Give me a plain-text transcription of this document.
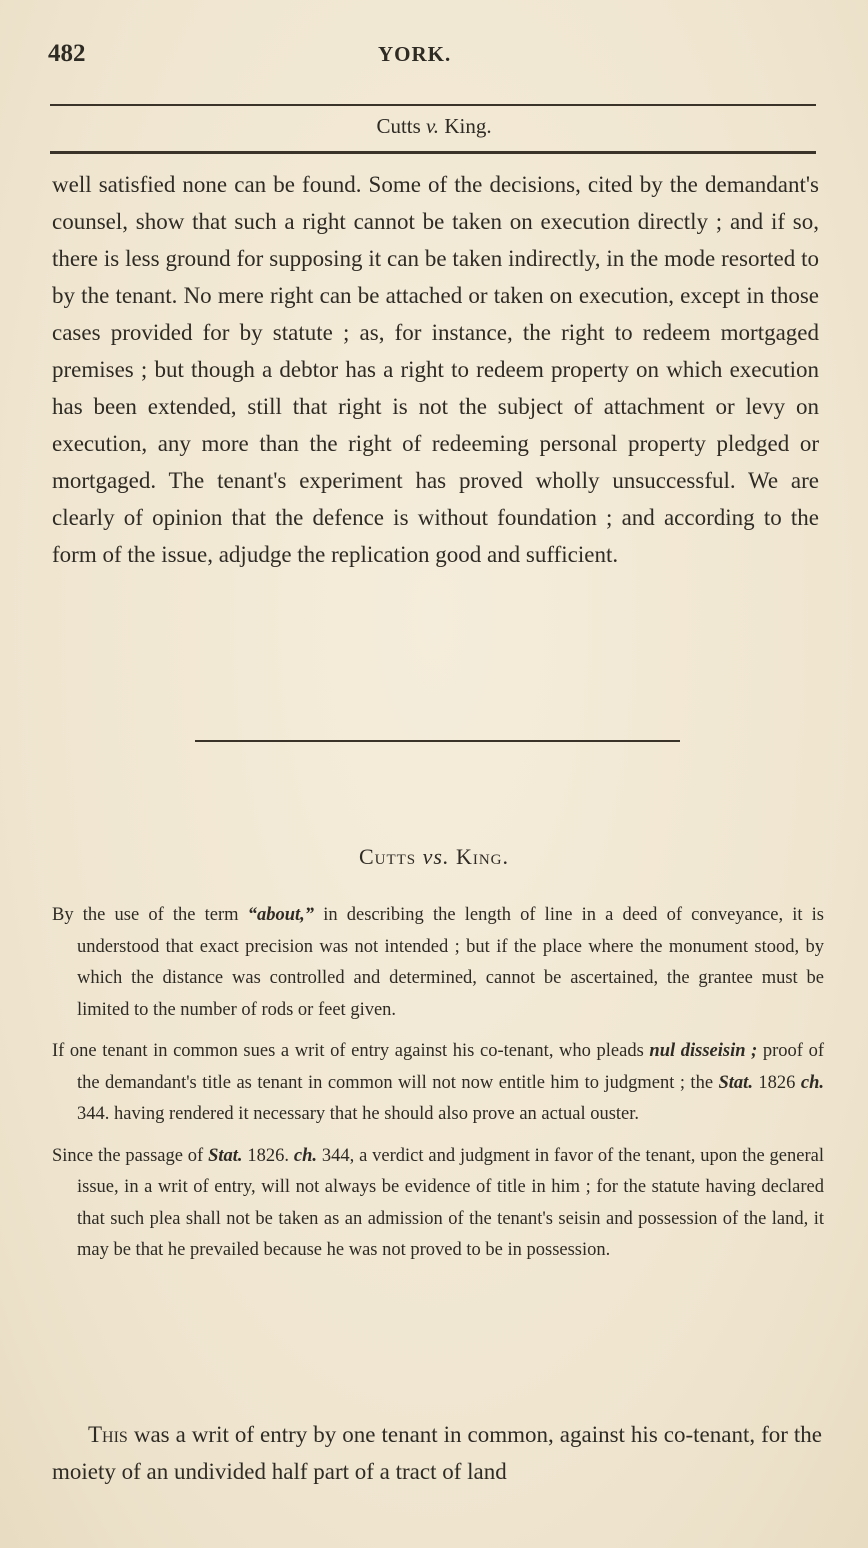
482	YORK.
Cutts v. King.

well satisfied none can be found. Some of the decisions, cited by the demandant's counsel, show that such a right cannot be taken on execution directly ; and if so, there is less ground for supposing it can be taken indirectly, in the mode resorted to by the tenant. No mere right can be attached or taken on execution, except in those cases provided for by statute ; as, for instance, the right to redeem mortgaged premises ; but though a debtor has a right to redeem property on which execution has been extended, still that right is not the subject of attachment or levy on execution, any more than the right of redeeming personal property pledged or mortgaged. The tenant's experiment has proved wholly unsuccessful. We are clearly of opinion that the defence is without foundation ; and according to the form of the issue, adjudge the replication good and sufficient.

Cutts vs. King.

By the use of the term “about,” in describing the length of line in a deed of conveyance, it is understood that exact precision was not intended ; but if the place where the monument stood, by which the distance was controlled and determined, cannot be ascertained, the grantee must be limited to the number of rods or feet given.

If one tenant in common sues a writ of entry against his co-tenant, who pleads nul disseisin ; proof of the demandant's title as tenant in common will not now entitle him to judgment ; the Stat. 1826 ch. 344. having rendered it necessary that he should also prove an actual ouster.

Since the passage of Stat. 1826. ch. 344, a verdict and judgment in favor of the tenant, upon the general issue, in a writ of entry, will not always be evidence of title in him ; for the statute having declared that such plea shall not be taken as an admission of the tenant's seisin and possession of the land, it may be that he prevailed because he was not proved to be in possession.

This was a writ of entry by one tenant in common, against his co-tenant, for the moiety of an undivided half part of a tract of land
